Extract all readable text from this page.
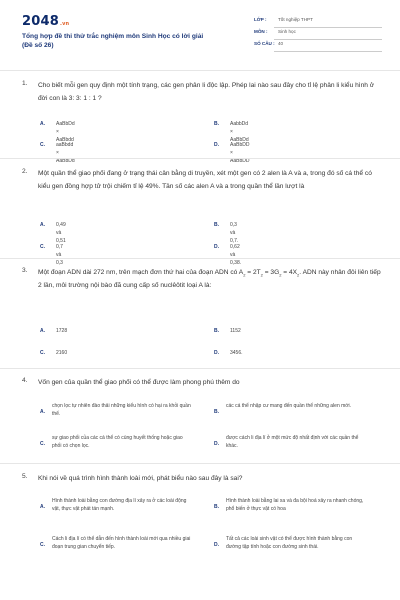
2048.vn
Tổng hợp đề thi thử trắc nghiệm môn Sinh Học có lời giải
(Đề số 26)
LỚP : Tốt nghiệp THPT
MÔN : Sinh học
SỐ CÂU : 40
1. Cho biết mỗi gen quy định một tính trạng, các gen phân li độc lập. Phép lai nào sau đây cho tỉ lệ phân li kiểu hình ở đời con là 3: 3: 1 : 1 ?
A. AaBbDd × AaBbdd
B. AabbDd × AaBbDd
C. aaBbdd × AaBbDd
D. AaBbDD × AaBbDD
2. Một quần thể giao phối đang ở trạng thái cân bằng di truyền, xét một gen có 2 alen là A và a, trong đó số cá thể có kiểu gen đồng hợp tử trội chiếm tỉ lệ 49%. Tần số các alen A và a trong quần thể lần lượt là
A. 0,49 và 0,51
B. 0,3 và 0,7.
C. 0,7 và 0,3
D. 0,62 và 0,38.
3. Một đoạn ADN dài 272 nm, trên mạch đơn thứ hai của đoạn ADN có $A_2 = 2T_2 = 3G_2 = 4X_2$. ADN này nhân đôi liên tiếp 2 lần, môi trường nội bào đã cung cấp số nuclêôtit loại A là:
A. 1728	B. 1152
C. 2160	D. 3456.
4. Vốn gen của quần thể giao phối có thể được làm phong phú thêm do
A.
chọn lọc tự nhiên đào thải những kiểu hình có hại ra khỏi quần thể.	B.
các cá thể nhập cư mang đến quần thể những alen mới.
C.
sự giao phối của các cá thể có cùng huyết thống hoặc giao phối có chọn lọc.	D.
được cách li địa lí ở một mức độ nhất định với các quần thể khác.
5. Khi nói về quá trình hình thành loài mới, phát biểu nào sau đây là sai?
A.
Hình thành loài bằng con đường địa lí xảy ra ở các loài động vật, thực vật phát tán mạnh.	B.
Hình thành loài bằng lai xa và đa bội hoá xảy ra nhanh chóng, phổ biến ở thực vật có hoa
C.
Cách li địa lí có thể dẫn đến hình thành loài mới qua nhiều giai đoạn trung gian chuyển tiếp.	D.
Tất cả các loài sinh vật có thể được hình thành bằng con đường tập tính hoặc con đường sinh thái.
